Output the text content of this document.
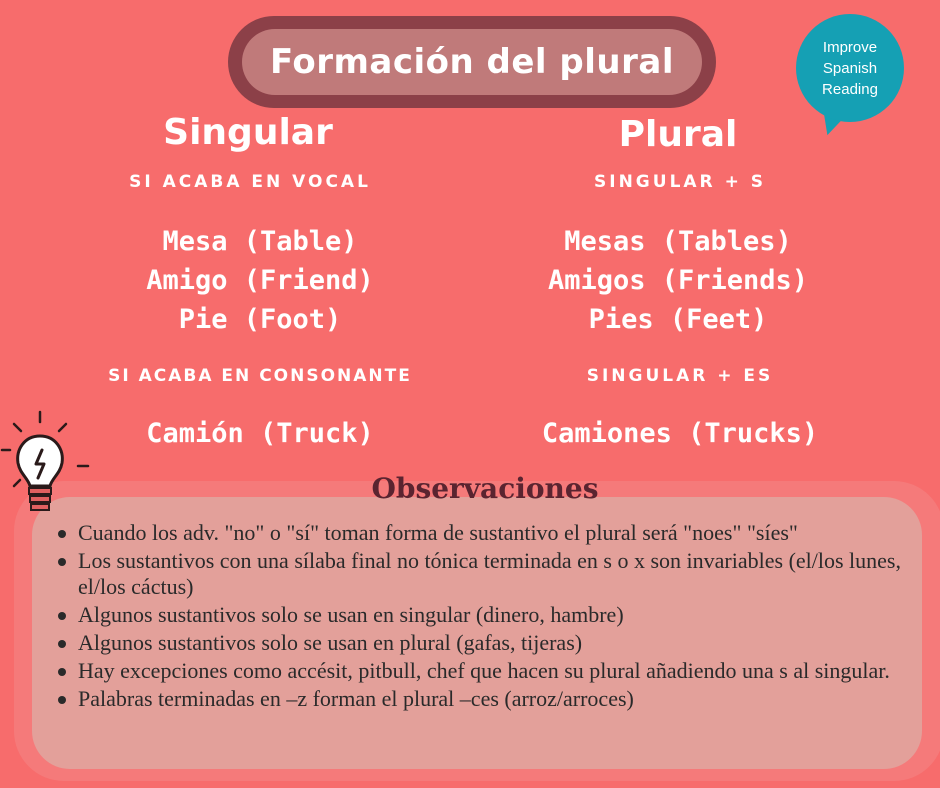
Formación del plural	Improve
Spanish
Reading
Singular
SI ACABA EN VOCAL
Mesa (Table)
Amigo (Friend)
Pie (Foot)
SI ACABA EN CONSONANTE
Camión (Truck)
Plural
SINGULAR + S
Mesas (Tables)
Amigos (Friends)
Pies (Feet)
SINGULAR + ES
Camiones (Trucks)
Observaciones
Cuando los adv. "no" o "sí" toman forma de sustantivo el plural será "noes" "síes"
Los sustantivos con una sílaba final no tónica terminada en s o x son invariables (el/los lunes, el/los cáctus)
Algunos sustantivos solo se usan en singular (dinero, hambre)
Algunos sustantivos solo se usan en plural (gafas, tijeras)
Hay excepciones como accésit, pitbull, chef que hacen su plural añadiendo una s al singular.
Palabras terminadas en –z forman el plural –ces (arroz/arroces)
